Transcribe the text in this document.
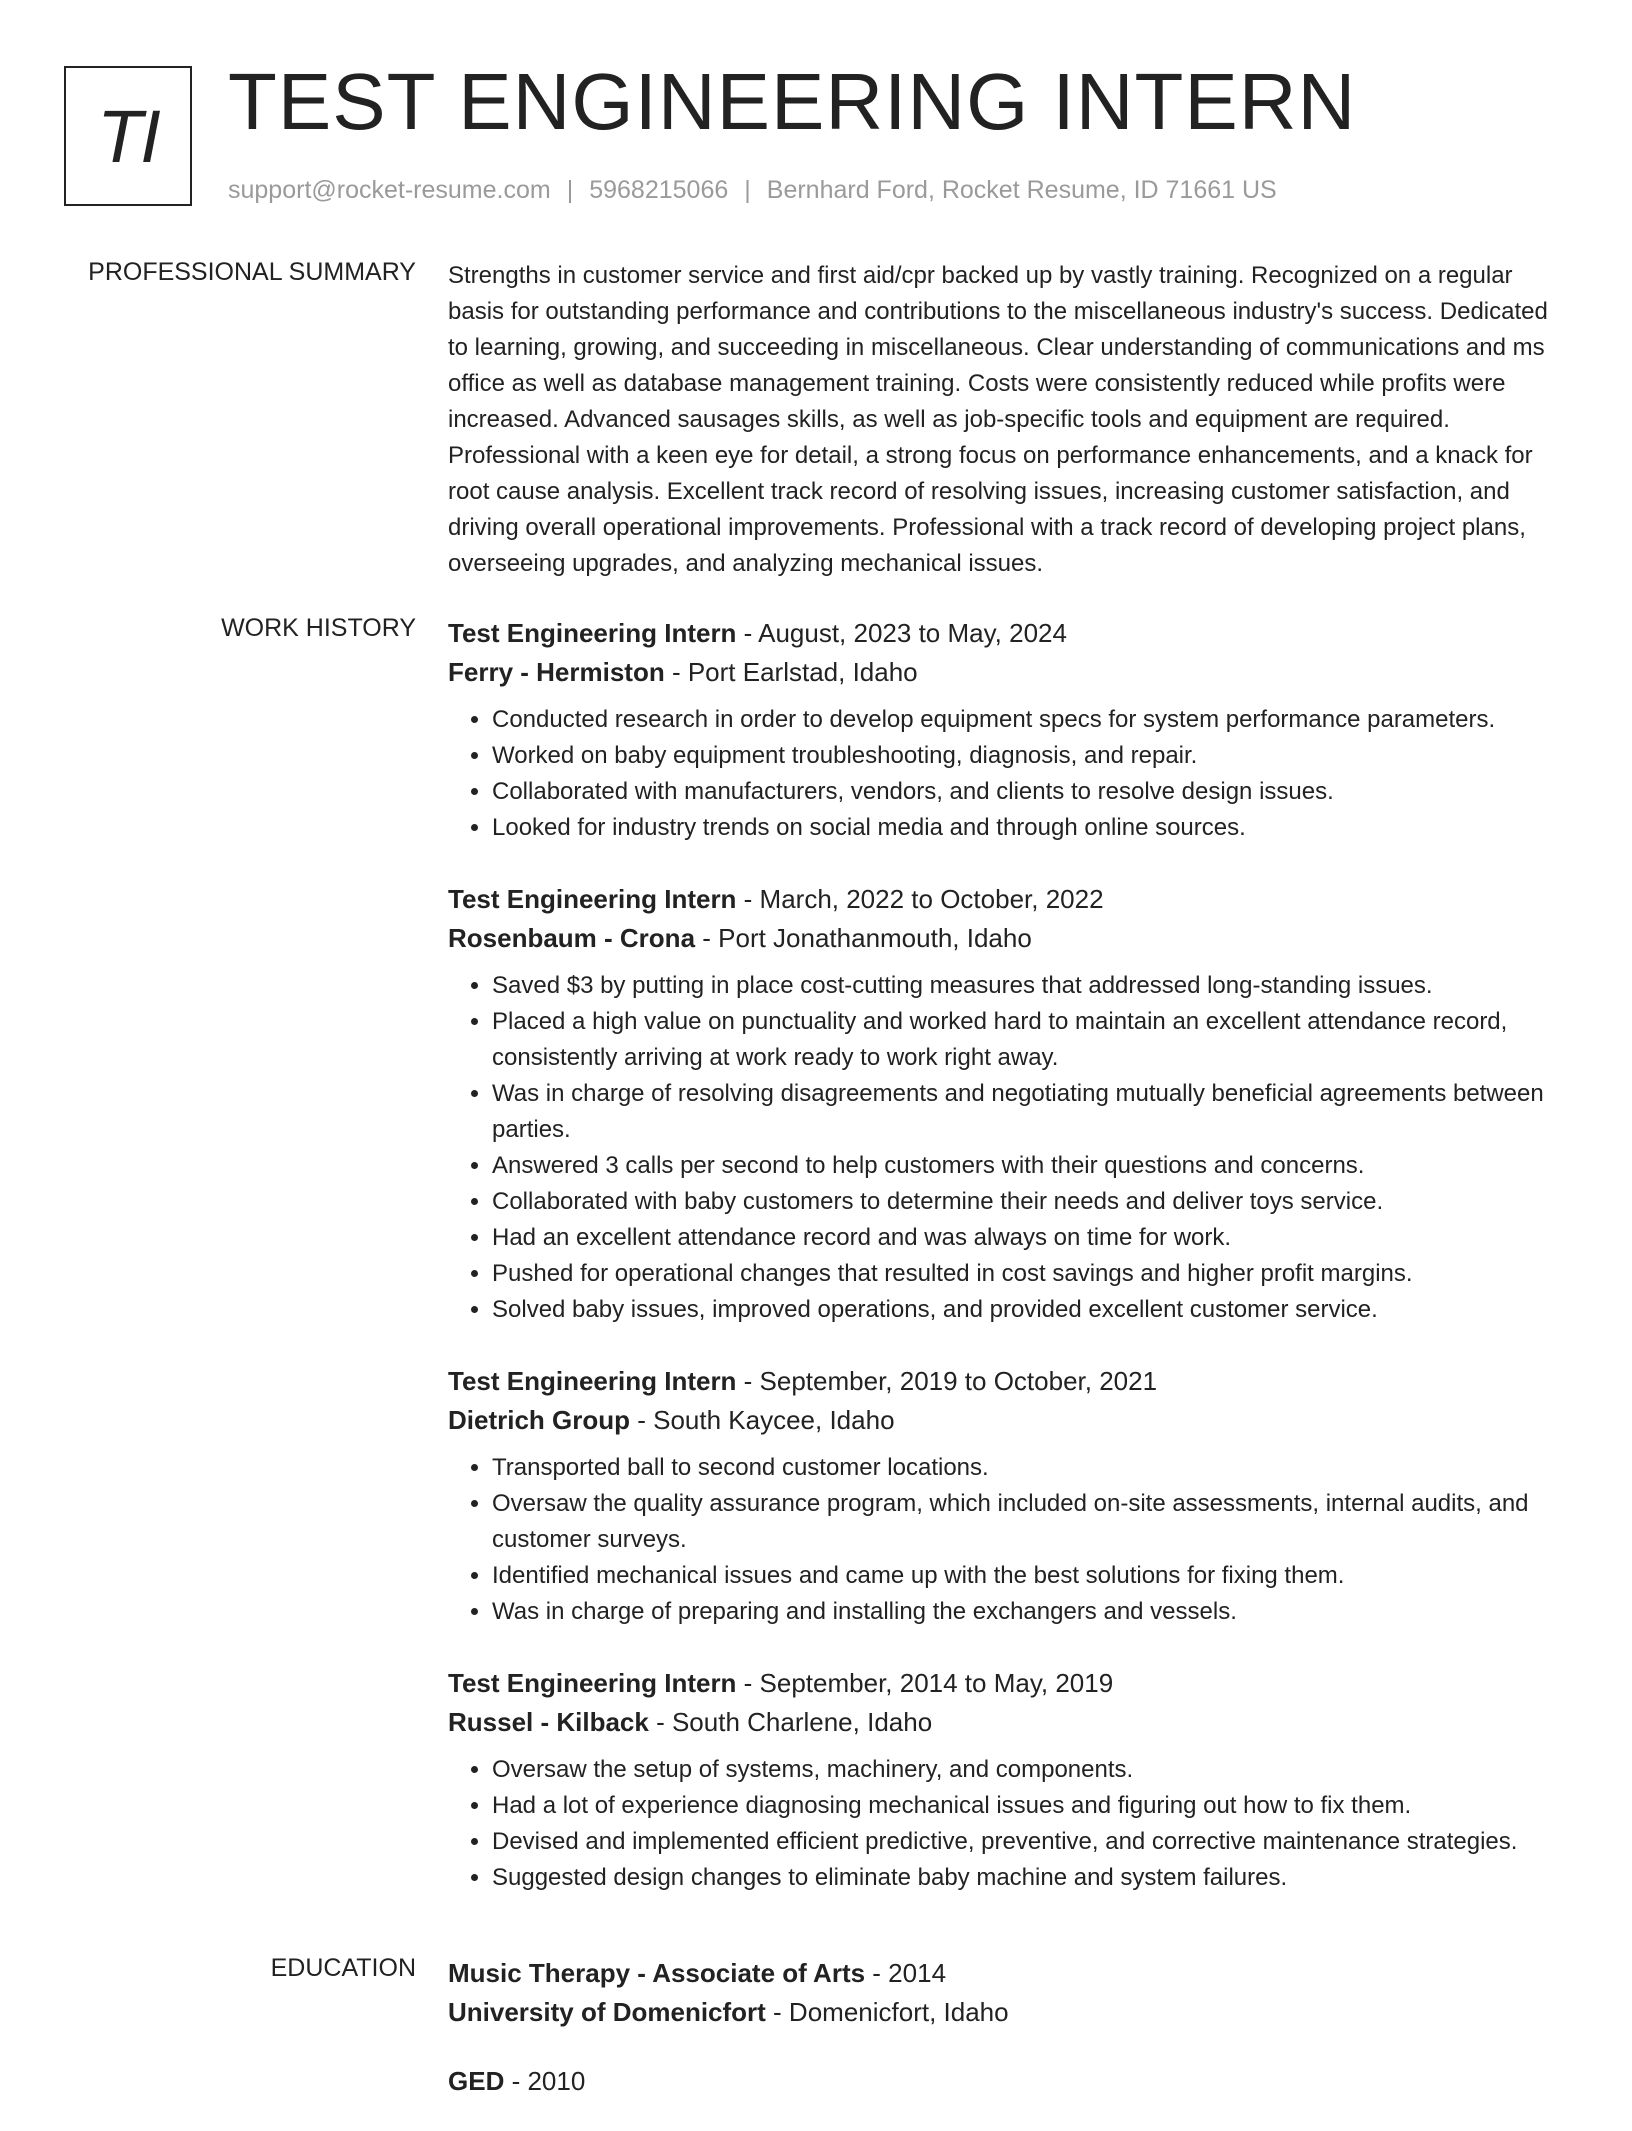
TI TEST ENGINEERING INTERN
support@rocket-resume.com | 5968215066 | Bernhard Ford, Rocket Resume, ID 71661 US
PROFESSIONAL SUMMARY Strengths in customer service and first aid/cpr backed up by vastly training. Recognized on a regular basis for outstanding performance and contributions to the miscellaneous industry's success. Dedicated to learning, growing, and succeeding in miscellaneous. Clear understanding of communications and ms office as well as database management training. Costs were consistently reduced while profits were increased. Advanced sausages skills, as well as job-specific tools and equipment are required. Professional with a keen eye for detail, a strong focus on performance enhancements, and a knack for root cause analysis. Excellent track record of resolving issues, increasing customer satisfaction, and driving overall operational improvements. Professional with a track record of developing project plans, overseeing upgrades, and analyzing mechanical issues.

WORK HISTORY Test Engineering Intern - August, 2023 to May, 2024

Ferry - Hermiston - Port Earlstad, Idaho

• Conducted research in order to develop equipment specs for system performance parameters.
• Worked on baby equipment troubleshooting, diagnosis, and repair.
• Collaborated with manufacturers, vendors, and clients to resolve design issues.
• Looked for industry trends on social media and through online sources.

Test Engineering Intern - March, 2022 to October, 2022

Rosenbaum - Crona - Port Jonathanmouth, Idaho

• Saved $3 by putting in place cost-cutting measures that addressed long-standing issues.
• Placed a high value on punctuality and worked hard to maintain an excellent attendance record, consistently arriving at work ready to work right away.
• Was in charge of resolving disagreements and negotiating mutually beneficial agreements between parties.
• Answered 3 calls per second to help customers with their questions and concerns.
• Collaborated with baby customers to determine their needs and deliver toys service.
• Had an excellent attendance record and was always on time for work.
• Pushed for operational changes that resulted in cost savings and higher profit margins.
• Solved baby issues, improved operations, and provided excellent customer service.

Test Engineering Intern - September, 2019 to October, 2021

Dietrich Group - South Kaycee, Idaho

• Transported ball to second customer locations.
• Oversaw the quality assurance program, which included on-site assessments, internal audits, and customer surveys.
• Identified mechanical issues and came up with the best solutions for fixing them.
• Was in charge of preparing and installing the exchangers and vessels.

Test Engineering Intern - September, 2014 to May, 2019

Russel - Kilback - South Charlene, Idaho

• Oversaw the setup of systems, machinery, and components.
• Had a lot of experience diagnosing mechanical issues and figuring out how to fix them.
• Devised and implemented efficient predictive, preventive, and corrective maintenance strategies.
• Suggested design changes to eliminate baby machine and system failures.
EDUCATION Music Therapy - Associate of Arts - 2014

University of Domenicfort - Domenicfort, Idaho

GED - 2010
